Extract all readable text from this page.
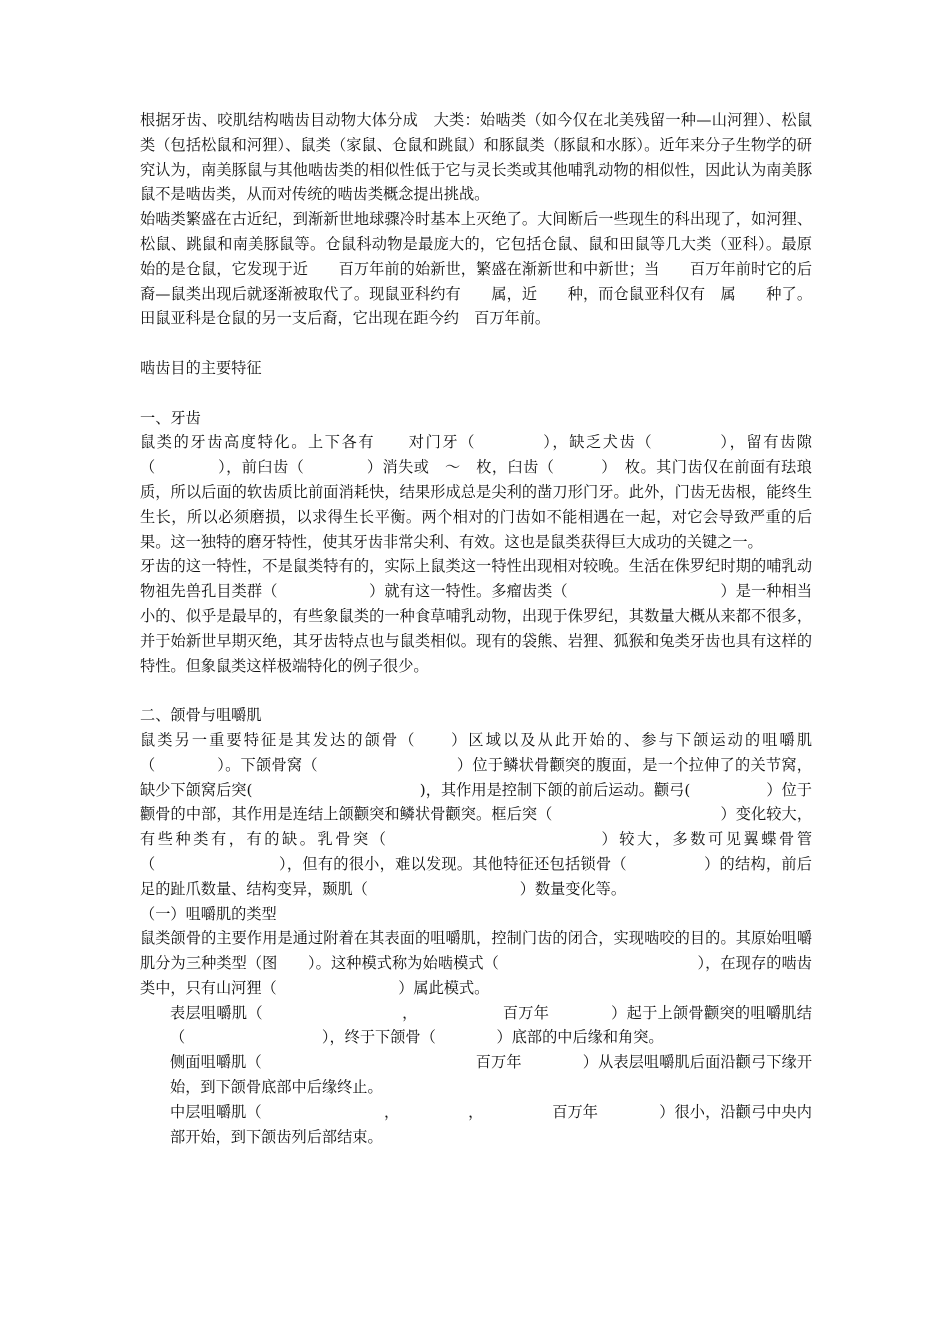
根据牙齿、咬肌结构啮齿目动物大体分成　大类：始啮类（如今仅在北美残留一种—山河狸）、松鼠类（包括松鼠和河狸）、鼠类（家鼠、仓鼠和跳鼠）和豚鼠类（豚鼠和水豚）。近年来分子生物学的研究认为，南美豚鼠与其他啮齿类的相似性低于它与灵长类或其他哺乳动物的相似性，因此认为南美豚鼠不是啮齿类，从而对传统的啮齿类概念提出挑战。

始啮类繁盛在古近纪，到渐新世地球骤冷时基本上灭绝了。大间断后一些现生的科出现了，如河狸、松鼠、跳鼠和南美豚鼠等。仓鼠科动物是最庞大的，它包括仓鼠、鼠和田鼠等几大类（亚科）。最原始的是仓鼠，它发现于近　　百万年前的始新世，繁盛在渐新世和中新世；当　　百万年前时它的后裔—鼠类出现后就逐渐被取代了。现鼠亚科约有　　属，近　　种，而仓鼠亚科仅有　属　　种了。田鼠亚科是仓鼠的另一支后裔，它出现在距今约　百万年前。

啮齿目的主要特征

一、牙齿

鼠类的牙齿高度特化。上下各有　　对门牙（　　　　），缺乏犬齿（　　　　），留有齿隙（　　　　），前臼齿（　　　　）消失或　～　枚，臼齿（　　　）　枚。其门齿仅在前面有珐琅质，所以后面的软齿质比前面消耗快，结果形成总是尖利的凿刀形门牙。此外，门齿无齿根，能终生生长，所以必须磨损，以求得生长平衡。两个相对的门齿如不能相遇在一起，对它会导致严重的后果。这一独特的磨牙特性，使其牙齿非常尖利、有效。这也是鼠类获得巨大成功的关键之一。

牙齿的这一特性，不是鼠类特有的，实际上鼠类这一特性出现相对较晚。生活在侏罗纪时期的哺乳动物祖先兽孔目类群（　　　　　　）就有这一特性。多瘤齿类（　　　　　　　　　　）是一种相当小的、似乎是最早的，有些象鼠类的一种食草哺乳动物，出现于侏罗纪，其数量大概从来都不很多，并于始新世早期灭绝，其牙齿特点也与鼠类相似。现有的袋熊、岩狸、狐猴和兔类牙齿也具有这样的特性。但象鼠类这样极端特化的例子很少。

二、颌骨与咀嚼肌

鼠类另一重要特征是其发达的颌骨（　　）区域以及从此开始的、参与下颌运动的咀嚼肌（　　　　）。下颌骨窝（　　　　　　　　　）位于鳞状骨颧突的腹面，是一个拉伸了的关节窝，缺少下颌窝后突(　　　　　　　　　　　)，其作用是控制下颌的前后运动。颧弓(　　　　　）位于颧骨的中部，其作用是连结上颌颧突和鳞状骨颧突。框后突（　　　　　　　　　　　）变化较大，有些种类有，有的缺。乳骨突（　　　　　　　　　　　　）较大，多数可见翼蝶骨管（　　　　　　　　），但有的很小，难以发现。其他特征还包括锁骨（　　　　　）的结构，前后足的趾爪数量、结构变异，颞肌（　　　　　　　　　　）数量变化等。

（一）咀嚼肌的类型

鼠类颌骨的主要作用是通过附着在其表面的咀嚼肌，控制门齿的闭合，实现啮咬的目的。其原始咀嚼肌分为三种类型（图　　）。这种模式称为始啮模式（　　　　　　　　　　　　　），在现存的啮齿类中，只有山河狸（　　　　　　　　）属此模式。

表层咀嚼肌（　　　　　　　　　，　　　　　　百万年　　　　）起于上颌骨颧突的咀嚼肌结（　　　　　　　　　），终于下颌骨（　　　　）底部的中后缘和角突。

侧面咀嚼肌（　　　　　　　　　　　　　　百万年　　　　）从表层咀嚼肌后面沿颧弓下缘开始，到下颌骨底部中后缘终止。

中层咀嚼肌（　　　　　　　　，　　　　　，　　　　　百万年　　　　）很小，沿颧弓中央内部开始，到下颌齿列后部结束。
